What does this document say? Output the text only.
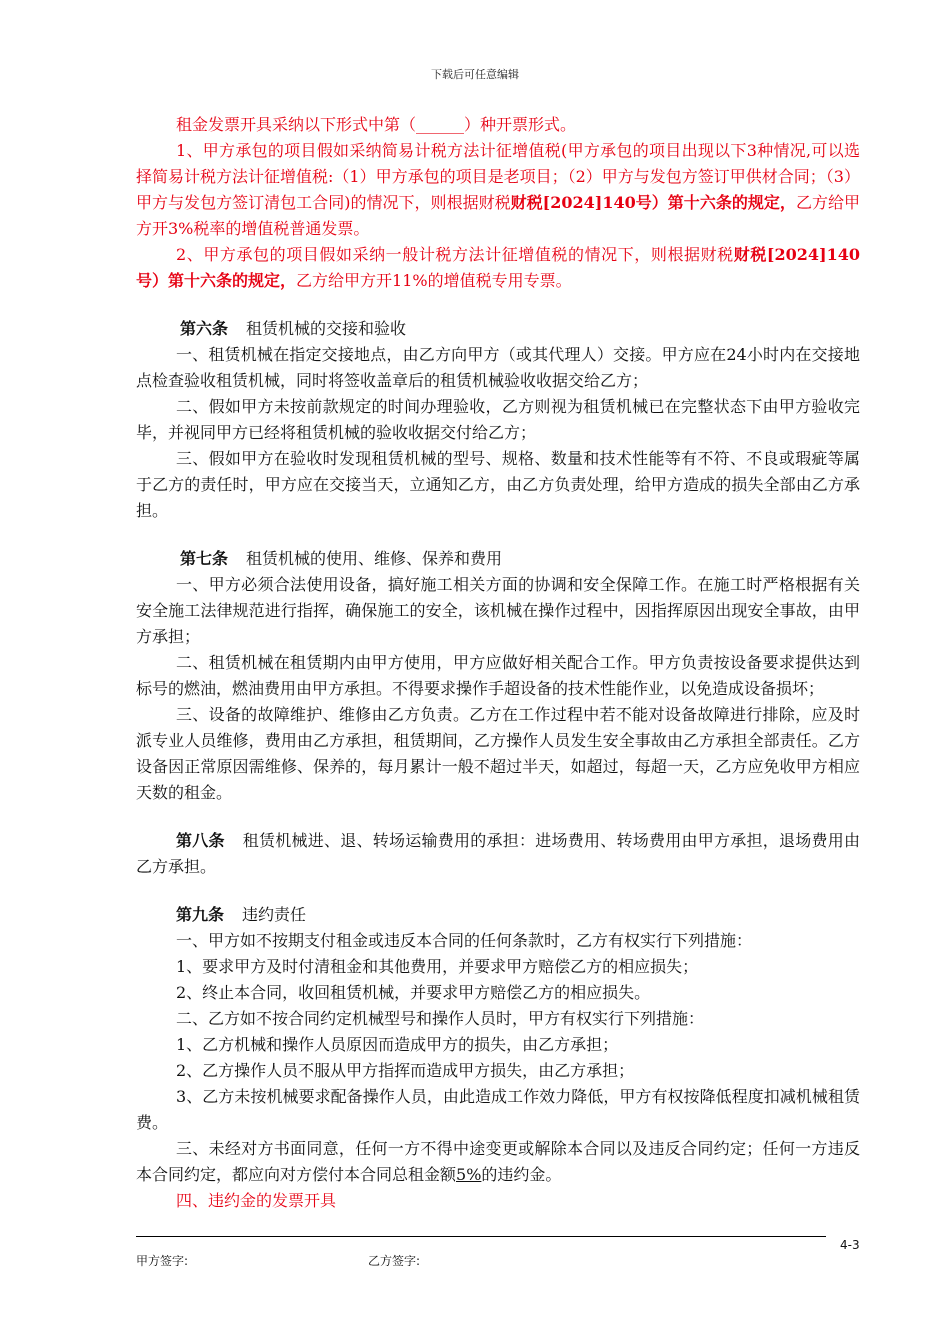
下载后可任意编辑

租金发票开具采纳以下形式中第（______）种开票形式。

1、甲方承包的项目假如采纳简易计税方法计征增值税(甲方承包的项目出现以下3种情况,可以选择简易计税方法计征增值税:（1）甲方承包的项目是老项目；（2）甲方与发包方签订甲供材合同；（3）甲方与发包方签订清包工合同)的情况下，则根据财税财税[2024]140号）第十六条的规定，乙方给甲方开3%税率的增值税普通发票。

2、甲方承包的项目假如采纳一般计税方法计征增值税的情况下，则根据财税财税[2024]140号）第十六条的规定，乙方给甲方开11%的增值税专用专票。

第六条 租赁机械的交接和验收

一、租赁机械在指定交接地点，由乙方向甲方（或其代理人）交接。甲方应在24小时内在交接地点检查验收租赁机械，同时将签收盖章后的租赁机械验收收据交给乙方；

二、假如甲方未按前款规定的时间办理验收，乙方则视为租赁机械已在完整状态下由甲方验收完毕，并视同甲方已经将租赁机械的验收收据交付给乙方；

三、假如甲方在验收时发现租赁机械的型号、规格、数量和技术性能等有不符、不良或瑕疵等属于乙方的责任时，甲方应在交接当天，立通知乙方，由乙方负责处理，给甲方造成的损失全部由乙方承担。

第七条 租赁机械的使用、维修、保养和费用

一、甲方必须合法使用设备，搞好施工相关方面的协调和安全保障工作。在施工时严格根据有关安全施工法律规范进行指挥，确保施工的安全，该机械在操作过程中，因指挥原因出现安全事故，由甲方承担；

二、租赁机械在租赁期内由甲方使用，甲方应做好相关配合工作。甲方负责按设备要求提供达到标号的燃油，燃油费用由甲方承担。不得要求操作手超设备的技术性能作业，以免造成设备损坏；

三、设备的故障维护、维修由乙方负责。乙方在工作过程中若不能对设备故障进行排除，应及时派专业人员维修，费用由乙方承担，租赁期间，乙方操作人员发生安全事故由乙方承担全部责任。乙方设备因正常原因需维修、保养的，每月累计一般不超过半天，如超过，每超一天，乙方应免收甲方相应天数的租金。

第八条 租赁机械进、退、转场运输费用的承担：进场费用、转场费用由甲方承担，退场费用由乙方承担。

第九条 违约责任

一、甲方如不按期支付租金或违反本合同的任何条款时，乙方有权实行下列措施：

1、要求甲方及时付清租金和其他费用，并要求甲方赔偿乙方的相应损失；

2、终止本合同，收回租赁机械，并要求甲方赔偿乙方的相应损失。

二、乙方如不按合同约定机械型号和操作人员时，甲方有权实行下列措施：

1、乙方机械和操作人员原因而造成甲方的损失，由乙方承担；

2、乙方操作人员不服从甲方指挥而造成甲方损失，由乙方承担；

3、乙方未按机械要求配备操作人员，由此造成工作效力降低，甲方有权按降低程度扣减机械租赁费。

三、未经对方书面同意，任何一方不得中途变更或解除本合同以及违反合同约定；任何一方违反本合同约定，都应向对方偿付本合同总租金额5%的违约金。

四、违约金的发票开具

4-3
甲方签字:	乙方签字:
